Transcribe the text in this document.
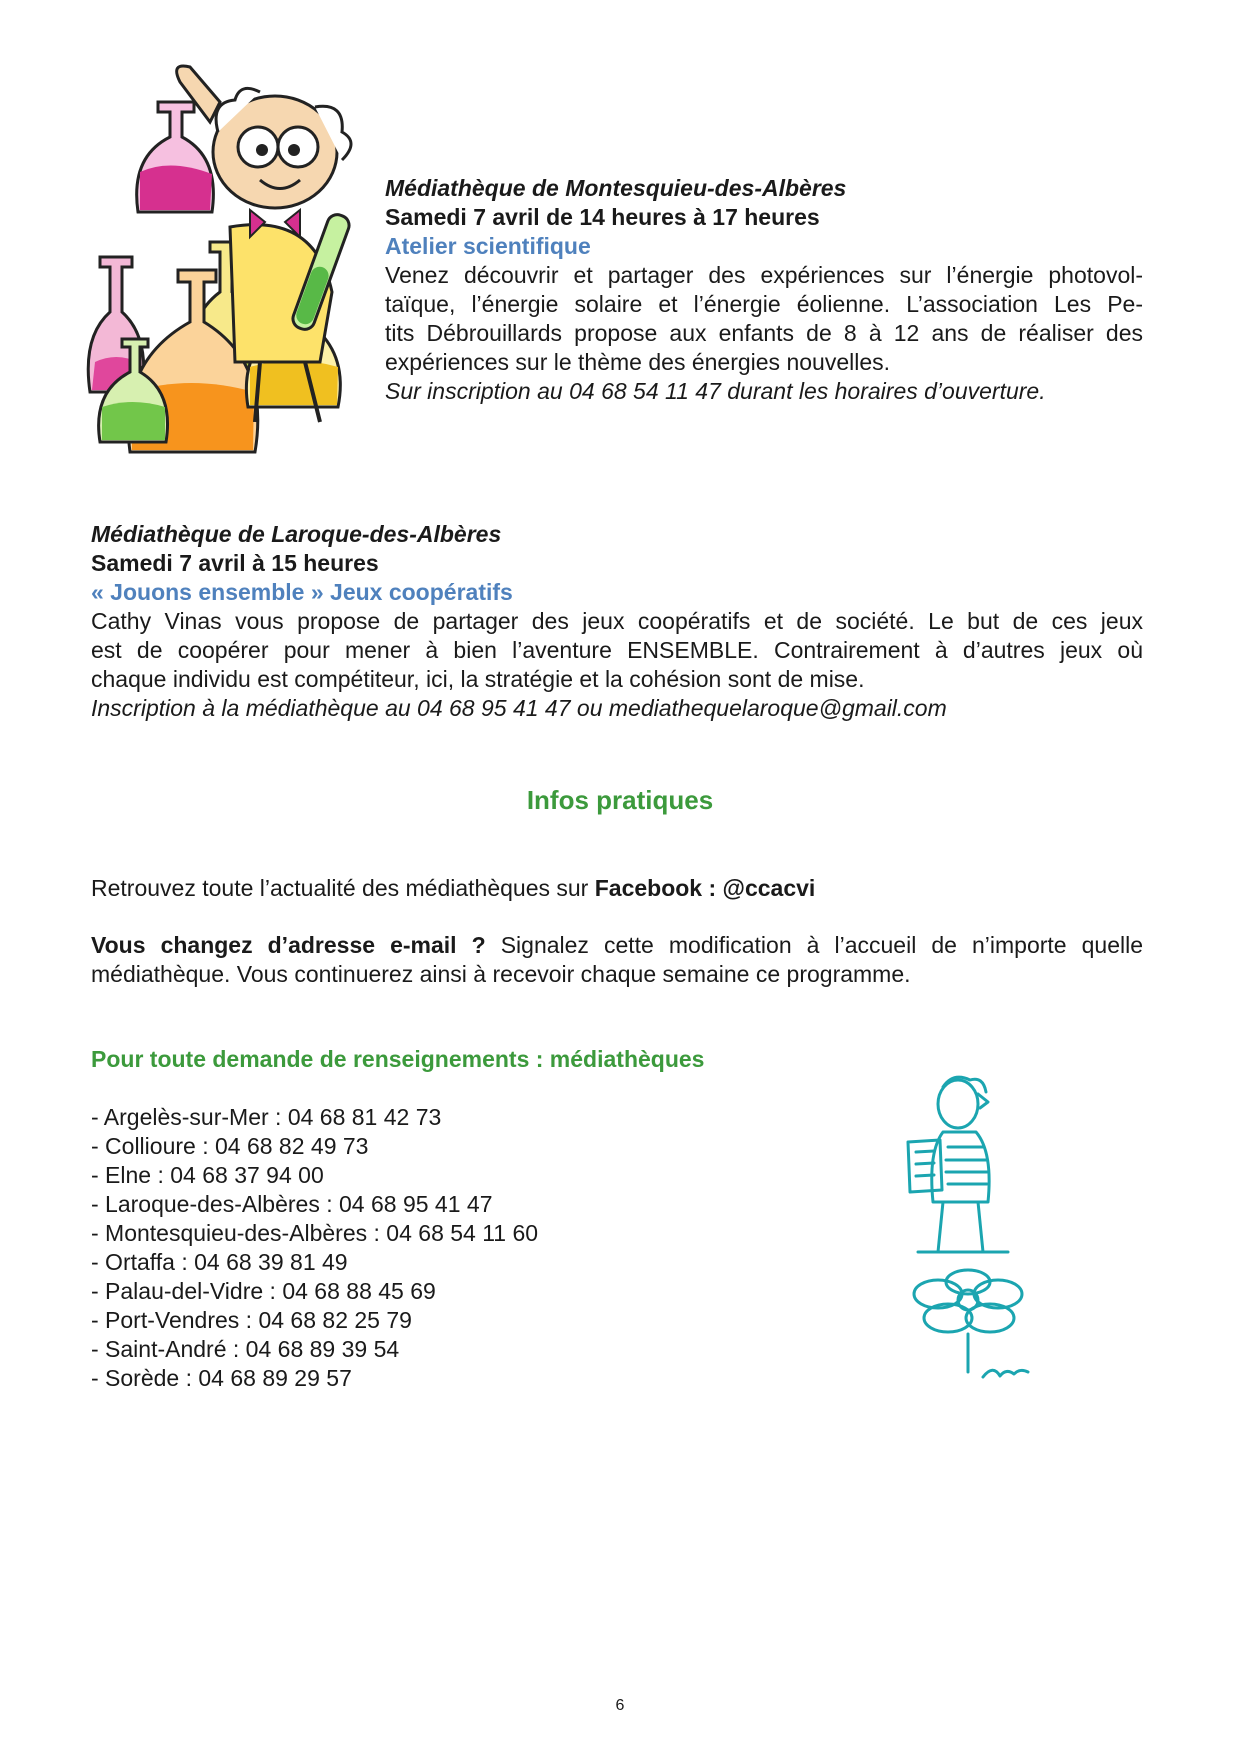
Médiathèque de Montesquieu-des-Albères
Samedi 7 avril de 14 heures à 17 heures
Atelier scientifique
Venez découvrir et partager des expériences sur l’énergie photovol-
taïque, l’énergie solaire et l’énergie éolienne. L’association Les Pe-
tits Débrouillards propose aux enfants de 8 à 12 ans de réaliser des
expériences sur le thème des énergies nouvelles.
Sur inscription au 04 68 54 11 47 durant les horaires d’ouverture.
Médiathèque de Laroque-des-Albères
Samedi 7 avril à 15 heures
« Jouons ensemble » Jeux coopératifs
Cathy Vinas vous propose de partager des jeux coopératifs et de société. Le but de ces jeux
est de coopérer pour mener à bien l’aventure ENSEMBLE. Contrairement à d’autres jeux où
chaque individu est compétiteur, ici, la stratégie et la cohésion sont de mise.
Inscription à la médiathèque au 04 68 95 41 47 ou mediathequelaroque@gmail.com
Infos pratiques
Retrouvez toute l’actualité des médiathèques sur Facebook : @ccacvi
Vous changez d’adresse e-mail ? Signalez cette modification à l’accueil de n’importe quelle
médiathèque. Vous continuerez ainsi à recevoir chaque semaine ce programme.
Pour toute demande de renseignements : médiathèques
- Argelès-sur-Mer : 04 68 81 42 73
- Collioure : 04 68 82 49 73
- Elne : 04 68 37 94 00
- Laroque-des-Albères : 04 68 95 41 47
- Montesquieu-des-Albères : 04 68 54 11 60
- Ortaffa : 04 68 39 81 49
- Palau-del-Vidre : 04 68 88 45 69
- Port-Vendres : 04 68 82 25 79
- Saint-André : 04 68 89 39 54
- Sorède : 04 68 89 29 57
6
